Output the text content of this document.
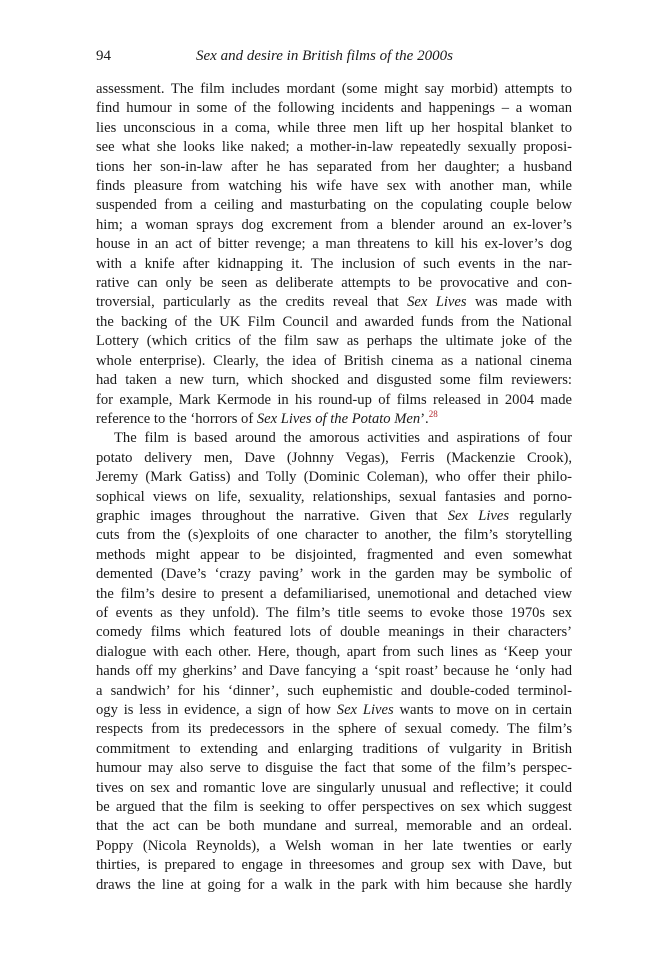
94	Sex and desire in British films of the 2000s
assessment. The film includes mordant (some might say morbid) attempts to
find humour in some of the following incidents and happenings – a woman
lies unconscious in a coma, while three men lift up her hospital blanket to
see what she looks like naked; a mother-in-law repeatedly sexually proposi-
tions her son-in-law after he has separated from her daughter; a husband
finds pleasure from watching his wife have sex with another man, while
suspended from a ceiling and masturbating on the copulating couple below
him; a woman sprays dog excrement from a blender around an ex-lover’s
house in an act of bitter revenge; a man threatens to kill his ex-lover’s dog
with a knife after kidnapping it. The inclusion of such events in the nar-
rative can only be seen as deliberate attempts to be provocative and con-
troversial, particularly as the credits reveal that Sex Lives was made with
the backing of the UK Film Council and awarded funds from the National
Lottery (which critics of the film saw as perhaps the ultimate joke of the
whole enterprise). Clearly, the idea of British cinema as a national cinema
had taken a new turn, which shocked and disgusted some film reviewers:
for example, Mark Kermode in his round-up of films released in 2004 made
reference to the ‘horrors of Sex Lives of the Potato Men’.$^{28}$
The film is based around the amorous activities and aspirations of four
potato delivery men, Dave (Johnny Vegas), Ferris (Mackenzie Crook),
Jeremy (Mark Gatiss) and Tolly (Dominic Coleman), who offer their philo-
sophical views on life, sexuality, relationships, sexual fantasies and porno-
graphic images throughout the narrative. Given that Sex Lives regularly
cuts from the (s)exploits of one character to another, the film’s storytelling
methods might appear to be disjointed, fragmented and even somewhat
demented (Dave’s ‘crazy paving’ work in the garden may be symbolic of
the film’s desire to present a defamiliarised, unemotional and detached view
of events as they unfold). The film’s title seems to evoke those 1970s sex
comedy films which featured lots of double meanings in their characters’
dialogue with each other. Here, though, apart from such lines as ‘Keep your
hands off my gherkins’ and Dave fancying a ‘spit roast’ because he ‘only had
a sandwich’ for his ‘dinner’, such euphemistic and double-coded terminol-
ogy is less in evidence, a sign of how Sex Lives wants to move on in certain
respects from its predecessors in the sphere of sexual comedy. The film’s
commitment to extending and enlarging traditions of vulgarity in British
humour may also serve to disguise the fact that some of the film’s perspec-
tives on sex and romantic love are singularly unusual and reflective; it could
be argued that the film is seeking to offer perspectives on sex which suggest
that the act can be both mundane and surreal, memorable and an ordeal.
Poppy (Nicola Reynolds), a Welsh woman in her late twenties or early
thirties, is prepared to engage in threesomes and group sex with Dave, but
draws the line at going for a walk in the park with him because she hardly
